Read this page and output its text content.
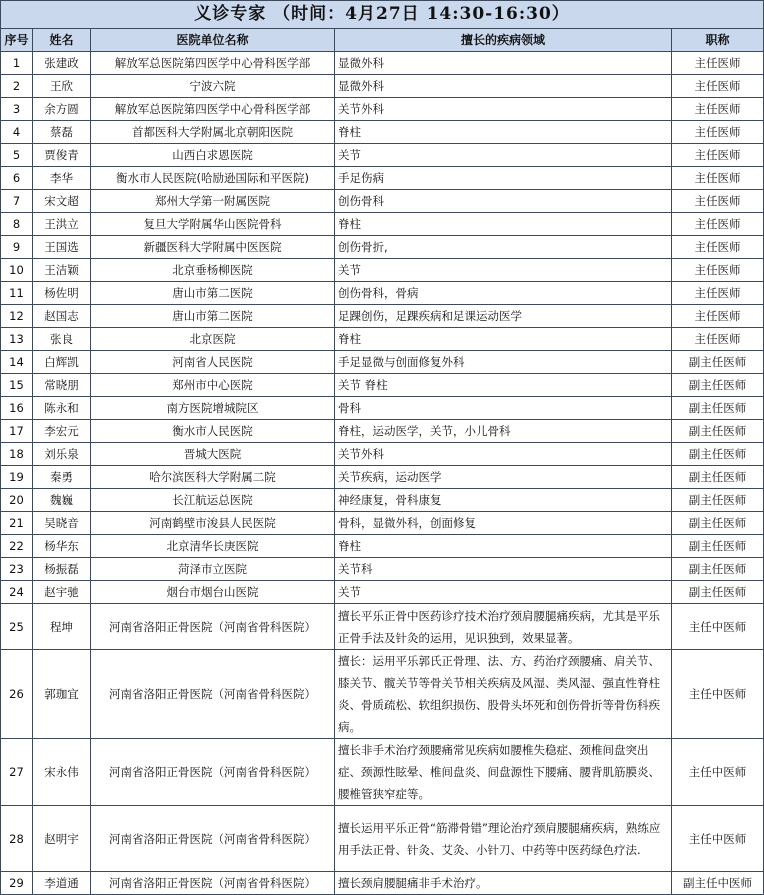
义诊专家 （时间：4月27日 14:30-16:30）				
序号	姓名	医院单位名称	擅长的疾病领域	职称
1	张建政	解放军总医院第四医学中心骨科医学部	显微外科	主任医师
2	王欣	宁波六院	显微外科	主任医师
3	余方圆	解放军总医院第四医学中心骨科医学部	关节外科	主任医师
4	蔡磊	首都医科大学附属北京朝阳医院	脊柱	主任医师
5	贾俊青	山西白求恩医院	关节	主任医师
6	李华	衡水市人民医院(哈励逊国际和平医院)	手足伤病	主任医师
7	宋文超	郑州大学第一附属医院	创伤骨科	主任医师
8	王洪立	复旦大学附属华山医院骨科	脊柱	主任医师
9	王国选	新疆医科大学附属中医医院	创伤骨折,	主任医师
10	王洁颖	北京垂杨柳医院	关节	主任医师
11	杨佐明	唐山市第二医院	创伤骨科，骨病	主任医师
12	赵国志	唐山市第二医院	足踝创伤，足踝疾病和足课运动医学	主任医师
13	张良	北京医院	脊柱	主任医师
14	白辉凯	河南省人民医院	手足显微与创面修复外科	副主任医师
15	常晓朋	郑州市中心医院	关节 脊柱	副主任医师
16	陈永和	南方医院增城院区	骨科	副主任医师
17	李宏元	衡水市人民医院	脊柱，运动医学，关节，小儿骨科	副主任医师
18	刘乐泉	晋城大医院	关节外科	副主任医师
19	秦勇	哈尔滨医科大学附属二院	关节疾病，运动医学	副主任医师
20	魏巍	长江航运总医院	神经康复，骨科康复	副主任医师
21	吴晓音	河南鹤壁市浚县人民医院	骨科，显微外科，创面修复	副主任医师
22	杨华东	北京清华长庚医院	脊柱	副主任医师
23	杨振磊	菏泽市立医院	关节科	副主任医师
24	赵宇驰	烟台市烟台山医院	关节	副主任医师
25	程坤	河南省洛阳正骨医院（河南省骨科医院）	擅长平乐正骨中医药诊疗技术治疗颈肩腰腿痛疾病，尤其是平乐正骨手法及针灸的运用，见识独到，效果显著。	主任中医师
26	郭珈宜	河南省洛阳正骨医院（河南省骨科医院）	擅长：运用平乐郭氏正骨理、法、方、药治疗颈腰痛、肩关节、膝关节、髋关节等骨关节相关疾病及风湿、类风湿、强直性脊柱炎、骨质疏松、软组织损伤、股骨头坏死和创伤骨折等骨伤科疾病。	主任中医师
27	宋永伟	河南省洛阳正骨医院（河南省骨科医院）	擅长非手术治疗颈腰痛常见疾病如腰椎失稳症、颈椎间盘突出症、颈源性眩晕、椎间盘炎、间盘源性下腰痛、腰背肌筋膜炎、腰椎管狭窄症等。	主任中医师
28	赵明宇	河南省洛阳正骨医院（河南省骨科医院）	擅长运用平乐正骨“筋滞骨错”理论治疗颈肩腰腿痛疾病，熟练应用手法正骨、针灸、艾灸、小针刀、中药等中医药绿色疗法.	主任中医师
29	李道通	河南省洛阳正骨医院（河南省骨科医院）	擅长颈肩腰腿痛非手术治疗。	副主任中医师
